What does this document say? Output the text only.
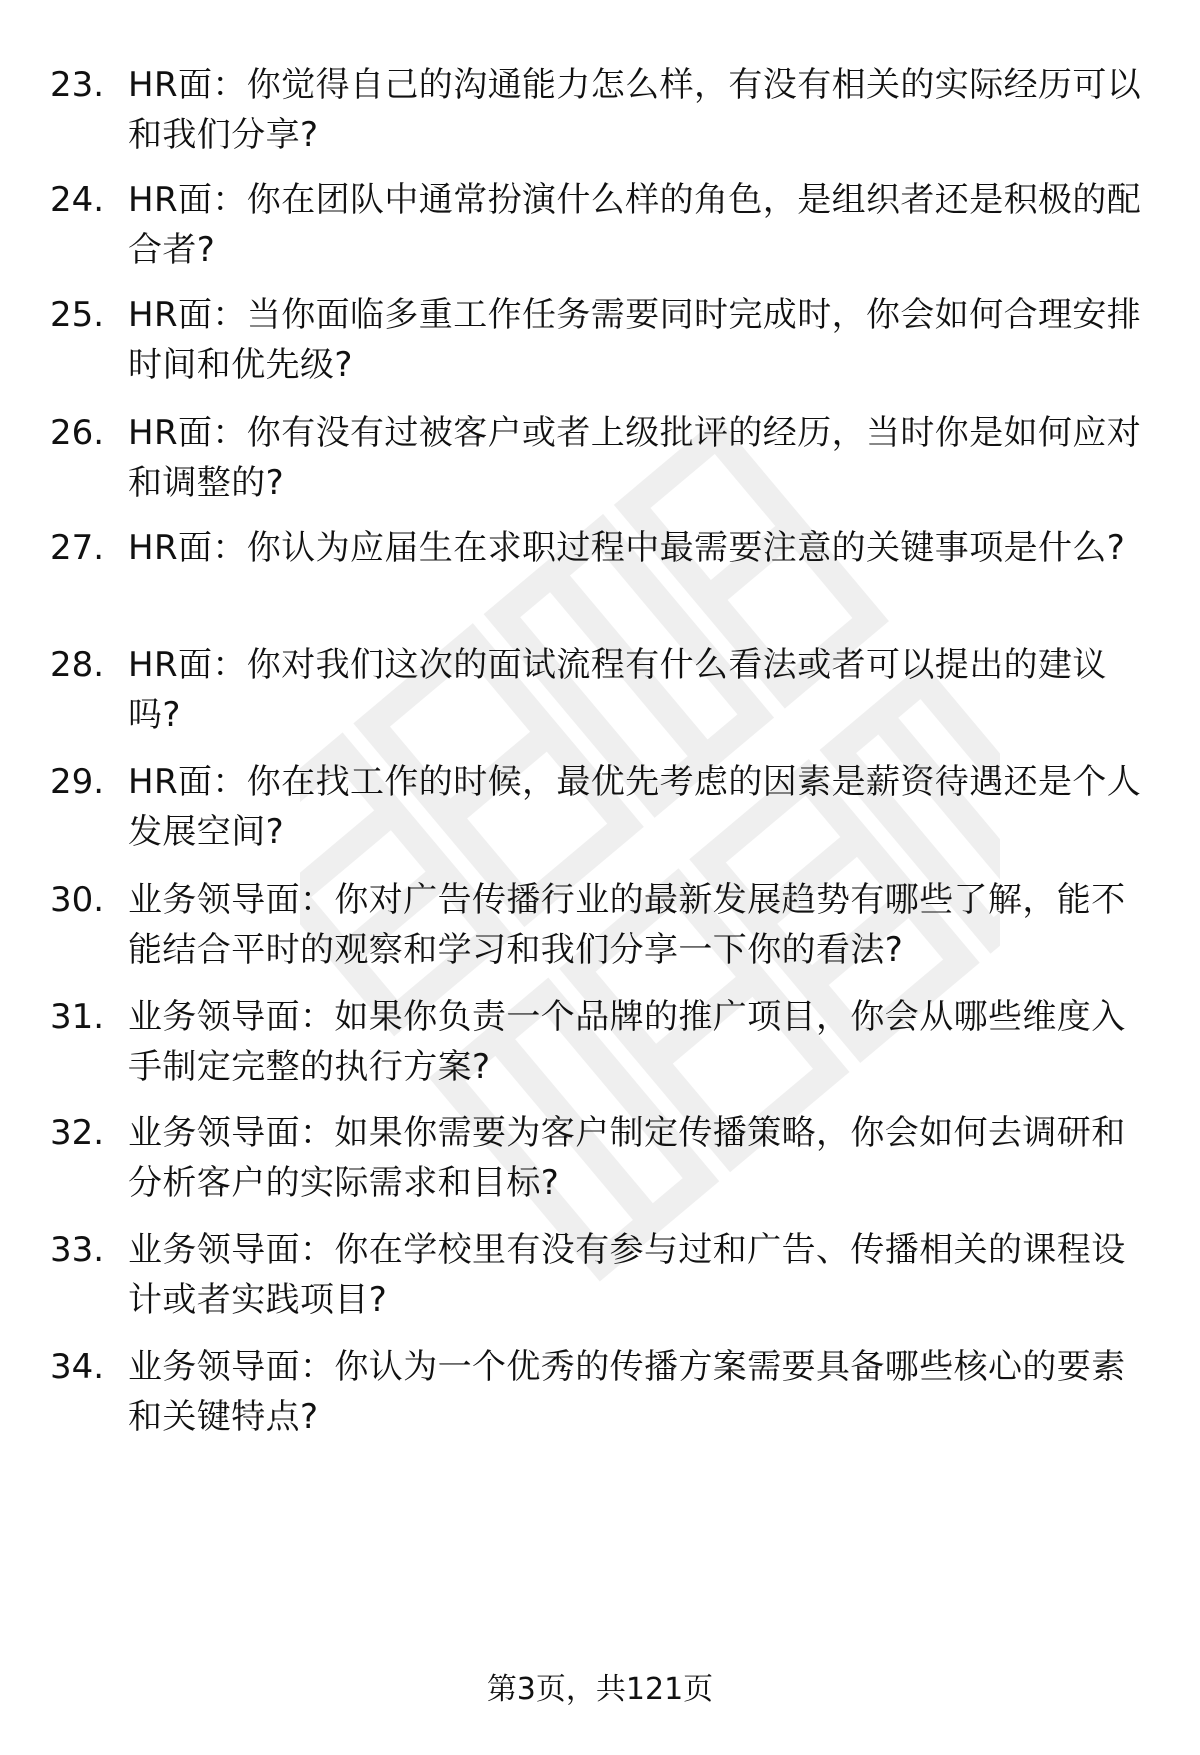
23. HR面：你觉得自己的沟通能力怎么样，有没有相关的实际经历可以和我们分享?
24. HR面：你在团队中通常扮演什么样的角色，是组织者还是积极的配合者?
25. HR面：当你面临多重工作任务需要同时完成时，你会如何合理安排时间和优先级?
26. HR面：你有没有过被客户或者上级批评的经历，当时你是如何应对和调整的?
27. HR面：你认为应届生在求职过程中最需要注意的关键事项是什么?
28. HR面：你对我们这次的面试流程有什么看法或者可以提出的建议吗?
29. HR面：你在找工作的时候，最优先考虑的因素是薪资待遇还是个人发展空间?
30. 业务领导面：你对广告传播行业的最新发展趋势有哪些了解，能不能结合平时的观察和学习和我们分享一下你的看法?
31. 业务领导面：如果你负责一个品牌的推广项目，你会从哪些维度入手制定完整的执行方案?
32. 业务领导面：如果你需要为客户制定传播策略，你会如何去调研和分析客户的实际需求和目标?
33. 业务领导面：你在学校里有没有参与过和广告、传播相关的课程设计或者实践项目?
34. 业务领导面：你认为一个优秀的传播方案需要具备哪些核心的要素和关键特点?
第3页，共121页
